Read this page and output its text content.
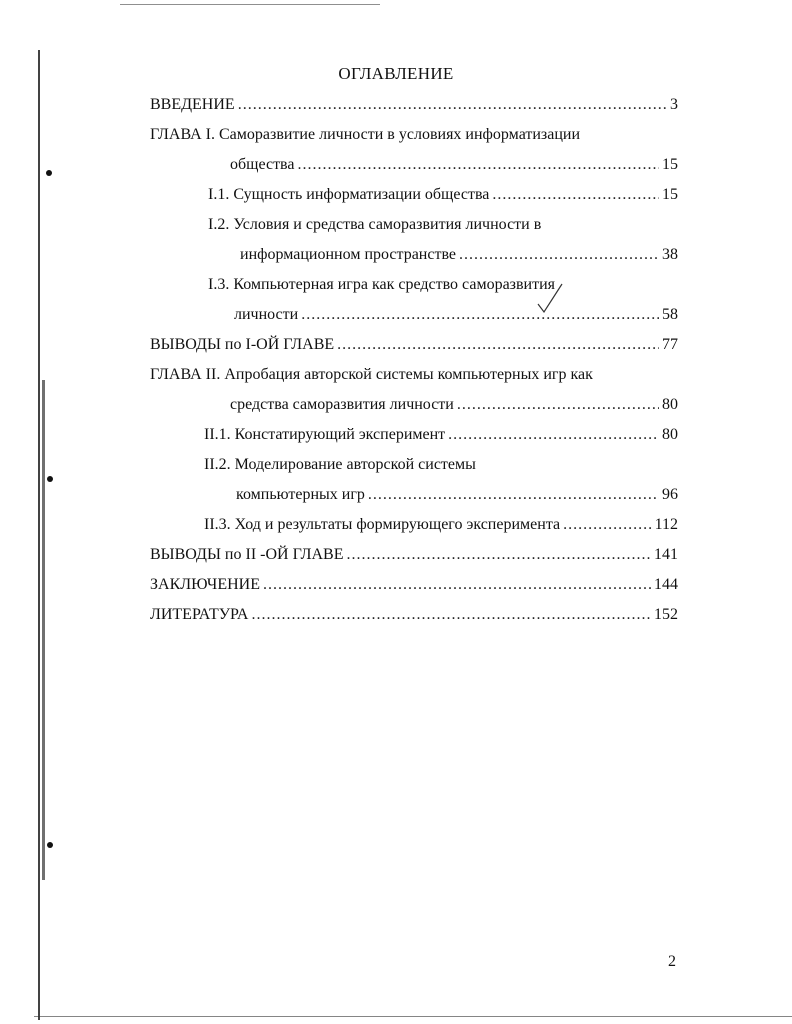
ОГЛАВЛЕНИЕ
ВВЕДЕНИЕ .....	3
ГЛАВА I. Саморазвитие личности в условиях информатизации
общества .....	15
I.1. Сущность информатизации общества .....	15
I.2. Условия и средства саморазвития личности в
информационном пространстве .....	38
I.3. Компьютерная игра как средство саморазвития
личности .....	58
ВЫВОДЫ по I-ОЙ ГЛАВЕ .....	77
ГЛАВА II. Апробация авторской системы компьютерных игр как
средства саморазвития личности .....	80
II.1. Констатирующий эксперимент .....	80
II.2. Моделирование авторской системы
компьютерных игр .....	96
II.3. Ход и результаты формирующего эксперимента .....	112
ВЫВОДЫ по II -ОЙ ГЛАВЕ .....	141
ЗАКЛЮЧЕНИЕ .....	144
ЛИТЕРАТУРА .....	152
2
